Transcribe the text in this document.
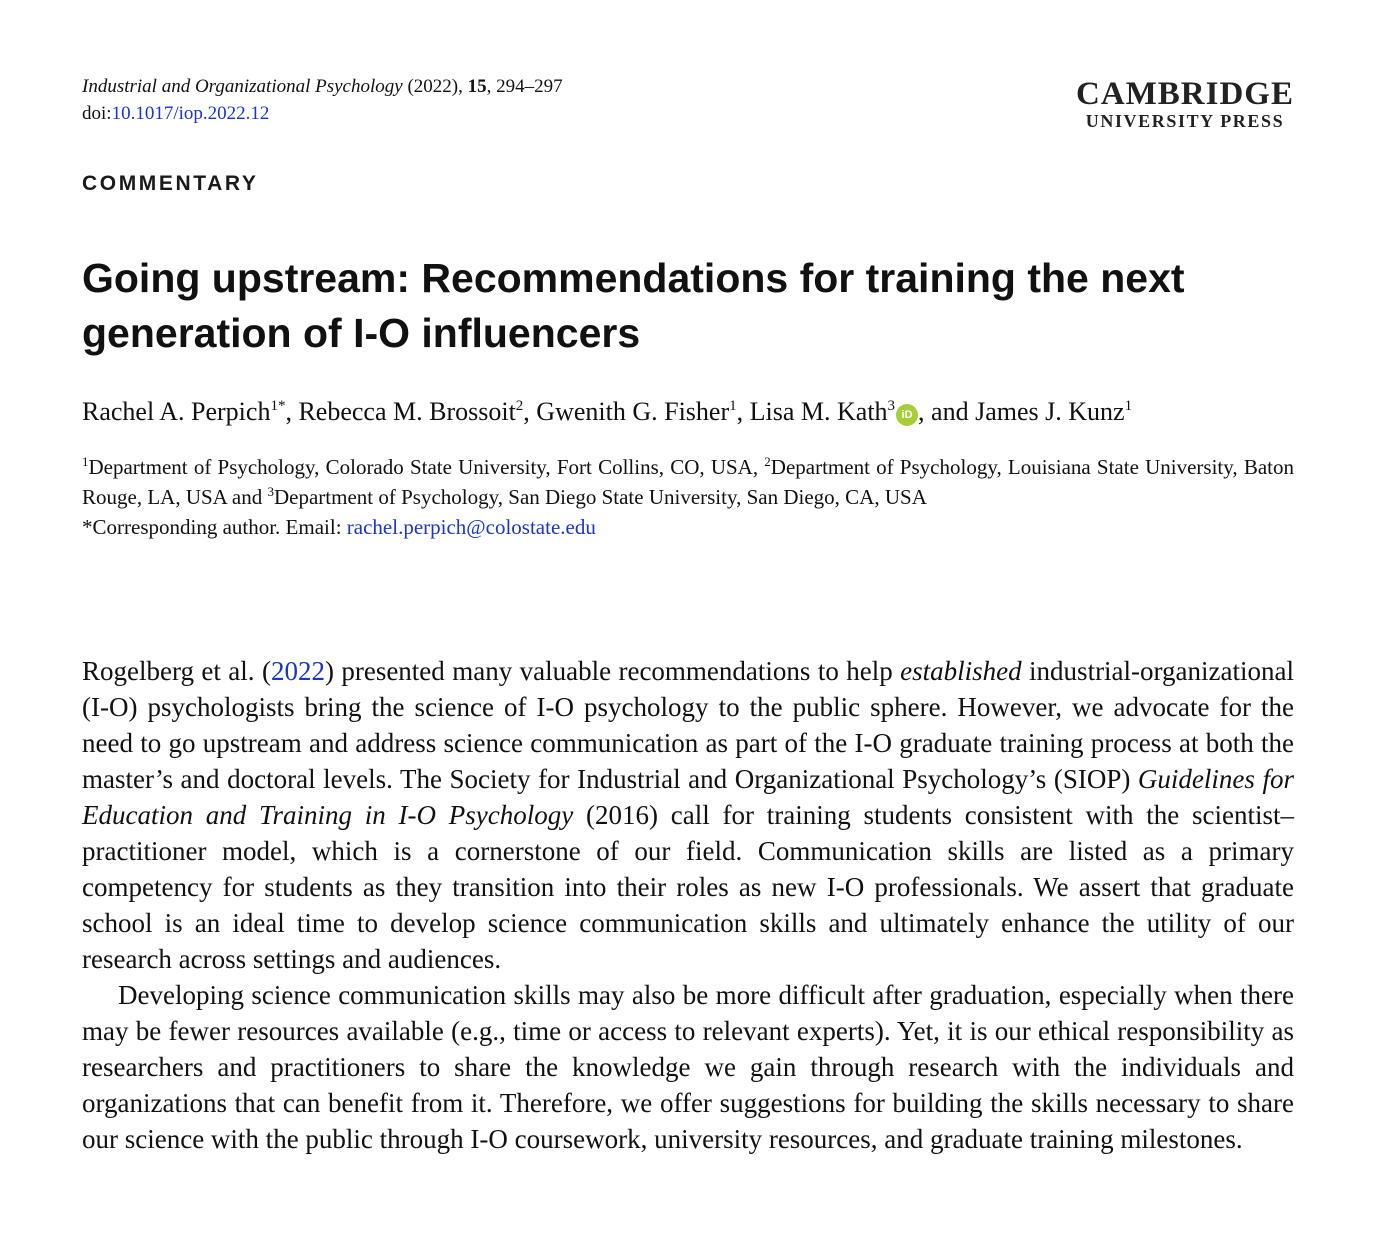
Industrial and Organizational Psychology (2022), 15, 294–297
doi:10.1017/iop.2022.12
CAMBRIDGE
UNIVERSITY PRESS
COMMENTARY
Going upstream: Recommendations for training the next generation of I-O influencers
Rachel A. Perpich$^{1*}$, Rebecca M. Brossoit$^2$, Gwenith G. Fisher$^1$, Lisa M. Kath$^3$iD , and James J. Kunz$^1$
$^1$Department of Psychology, Colorado State University, Fort Collins, CO, USA, $^2$Department of Psychology, Louisiana State University, Baton Rouge, LA, USA and $^3$Department of Psychology, San Diego State University, San Diego, CA, USA
*Corresponding author. Email: rachel.perpich@colostate.edu

Rogelberg et al. (2022) presented many valuable recommendations to help established industrial-organizational (I-O) psychologists bring the science of I-O psychology to the public sphere. However, we advocate for the need to go upstream and address science communication as part of the I-O graduate training process at both the master’s and doctoral levels. The Society for Industrial and Organizational Psychology’s (SIOP) Guidelines for Education and Training in I-O Psychology (2016) call for training students consistent with the scientist–practitioner model, which is a cornerstone of our field. Communication skills are listed as a primary competency for students as they transition into their roles as new I-O professionals. We assert that graduate school is an ideal time to develop science communication skills and ultimately enhance the utility of our research across settings and audiences.

Developing science communication skills may also be more difficult after graduation, especially when there may be fewer resources available (e.g., time or access to relevant experts). Yet, it is our ethical responsibility as researchers and practitioners to share the knowledge we gain through research with the individuals and organizations that can benefit from it. Therefore, we offer suggestions for building the skills necessary to share our science with the public through I-O coursework, university resources, and graduate training milestones.
